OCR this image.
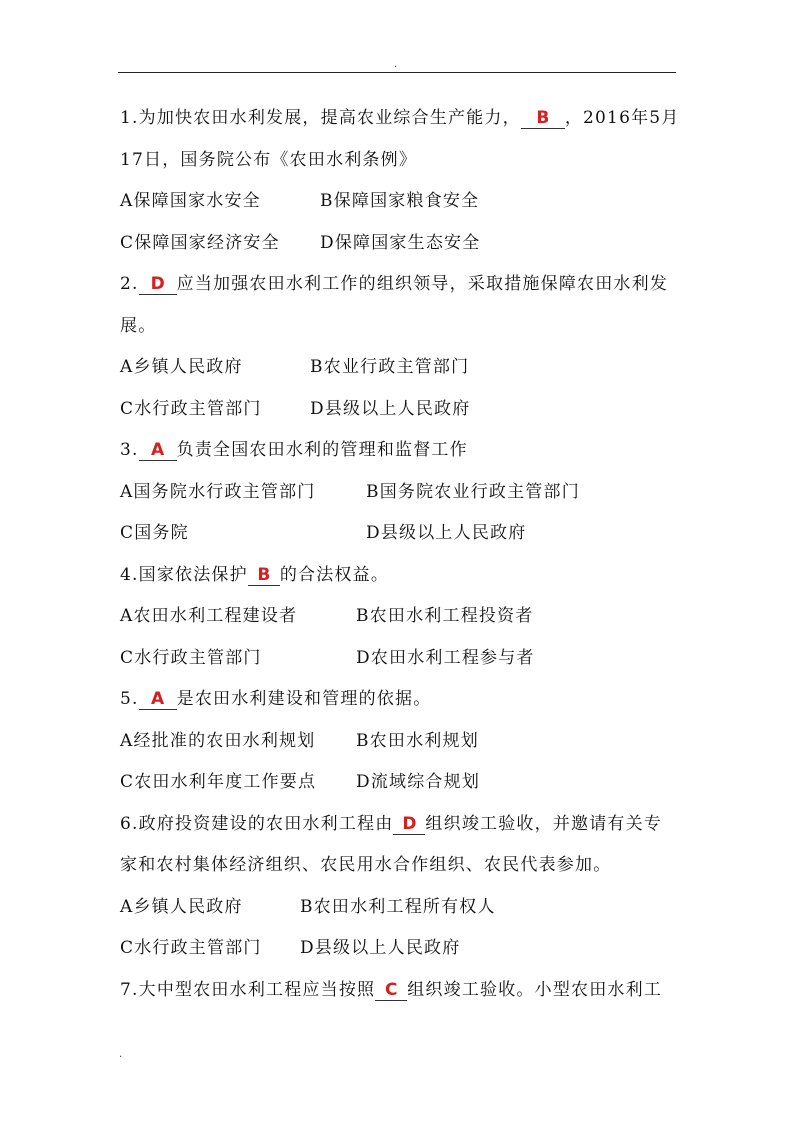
.
1.为加快农田水利发展，提高农业综合生产能力， B ，2016年5月
17日，国务院公布《农田水利条例》
A保障国家水安全	B保障国家粮食安全
C保障国家经济安全 D保障国家生态安全
2. D 应当加强农田水利工作的组织领导，采取措施保障农田水利发
展。
A乡镇人民政府	B农业行政主管部门
C水行政主管部门	D县级以上人民政府
3. A 负责全国农田水利的管理和监督工作
A国务院水行政主管部门	B国务院农业行政主管部门
C国务院	D县级以上人民政府
4.国家依法保护 B 的合法权益。
A农田水利工程建设者	B农田水利工程投资者
C水行政主管部门	D农田水利工程参与者
5. A 是农田水利建设和管理的依据。
A经批准的农田水利规划 B农田水利规划
C农田水利年度工作要点 D流域综合规划
6.政府投资建设的农田水利工程由 D 组织竣工验收，并邀请有关专
家和农村集体经济组织、农民用水合作组织、农民代表参加。
A乡镇人民政府	B农田水利工程所有权人
C水行政主管部门 D县级以上人民政府
7.大中型农田水利工程应当按照 C 组织竣工验收。小型农田水利工
.
